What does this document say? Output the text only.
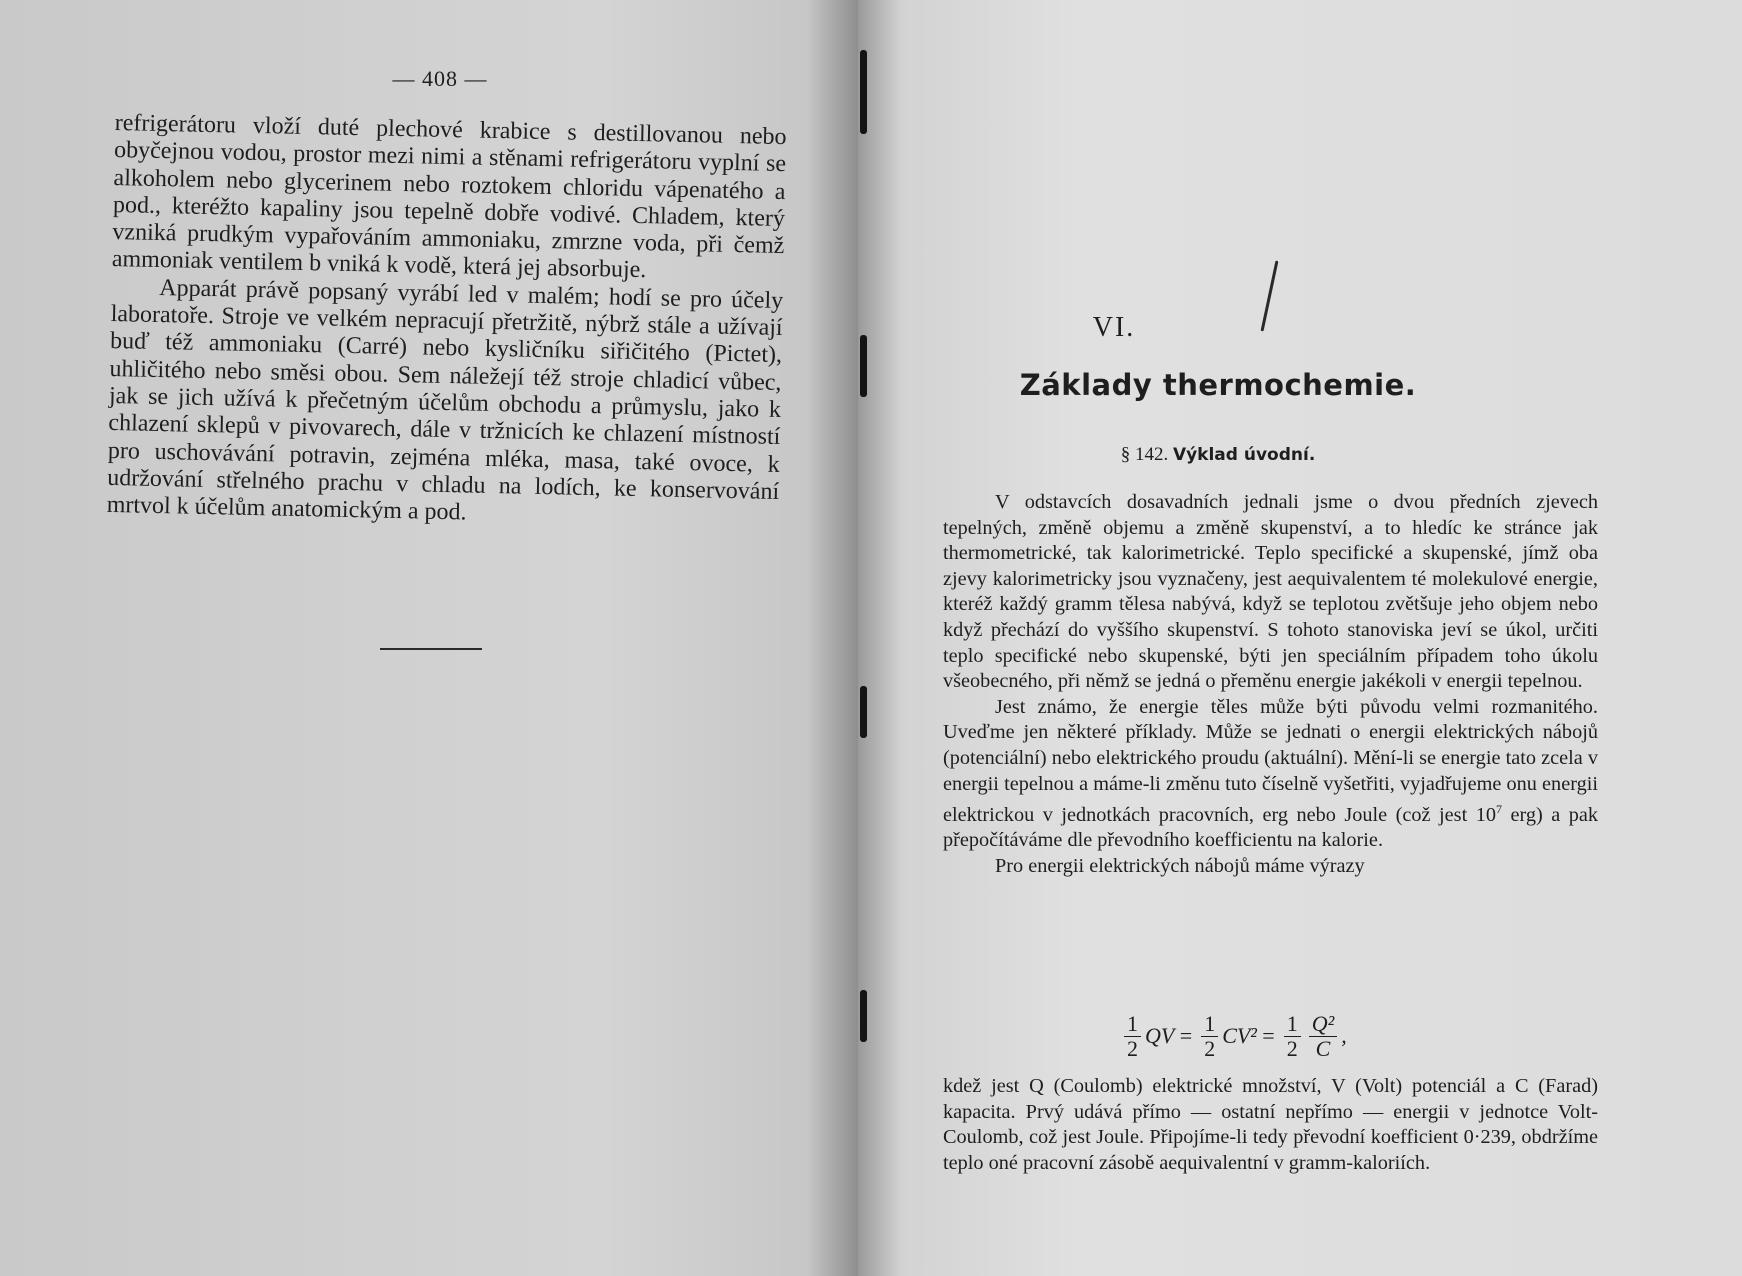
— 408 —

refrigerátoru vloží duté plechové krabice s destillovanou nebo obyčejnou vodou, prostor mezi nimi a stěnami refrigerátoru vyplní se alkoholem nebo glycerinem nebo roztokem chloridu vápenatého a pod., kteréžto kapaliny jsou tepelně dobře vodivé. Chladem, který vzniká prudkým vypařováním ammoniaku, zmrzne voda, při čemž ammoniak ventilem b vniká k vodě, která jej absorbuje.

Apparát právě popsaný vyrábí led v malém; hodí se pro účely laboratoře. Stroje ve velkém nepracují přetržitě, nýbrž stále a užívají buď též ammoniaku (Carré) nebo kysličníku siřičitého (Pictet), uhličitého nebo směsi obou. Sem náležejí též stroje chladicí vůbec, jak se jich užívá k přečetným účelům obchodu a průmyslu, jako k chlazení sklepů v pivovarech, dále v tržnicích ke chlazení místností pro uschovávání potravin, zejména mléka, masa, také ovoce, k udržování střelného prachu v chladu na lodích, ke konservování mrtvol k účelům anatomickým a pod.

VI.
Základy thermochemie.
§ 142. Výklad úvodní.

V odstavcích dosavadních jednali jsme o dvou předních zjevech tepelných, změně objemu a změně skupenství, a to hledíc ke stránce jak thermometrické, tak kalorimetrické. Teplo specifické a skupenské, jímž oba zjevy kalorimetricky jsou vyznačeny, jest aequivalentem té molekulové energie, kteréž každý gramm tělesa nabývá, když se teplotou zvětšuje jeho objem nebo když přechází do vyššího skupenství. S tohoto stanoviska jeví se úkol, určiti teplo specifické nebo skupenské, býti jen speciálním případem toho úkolu všeobecného, při němž se jedná o přeměnu energie jakékoli v energii tepelnou.

Jest známo, že energie těles může býti původu velmi rozmanitého. Uveďme jen některé příklady. Může se jednati o energii elektrických nábojů (potenciální) nebo elektrického proudu (aktuální). Mění-li se energie tato zcela v energii tepelnou a máme-li změnu tuto číselně vyšetřiti, vyjadřujeme onu energii elektrickou v jednotkách pracovních, erg nebo Joule (což jest $10^7$ erg) a pak přepočítáváme dle převodního koefficientu na kalorie.

Pro energii elektrických nábojů máme výrazy

$\frac{1}{2}$ QV = $\frac{1}{2} CV^2 = \frac{1}{2} \frac{\text{Q²}}{C}$ ,

kdež jest Q (Coulomb) elektrické množství, V (Volt) potenciál a C (Farad) kapacita. Prvý udává přímo — ostatní nepřímo — energii v jednotce Volt-Coulomb, což jest Joule. Připojíme-li tedy převodní koefficient 0·239, obdržíme teplo oné pracovní zásobě aequivalentní v gramm-kaloriích.
